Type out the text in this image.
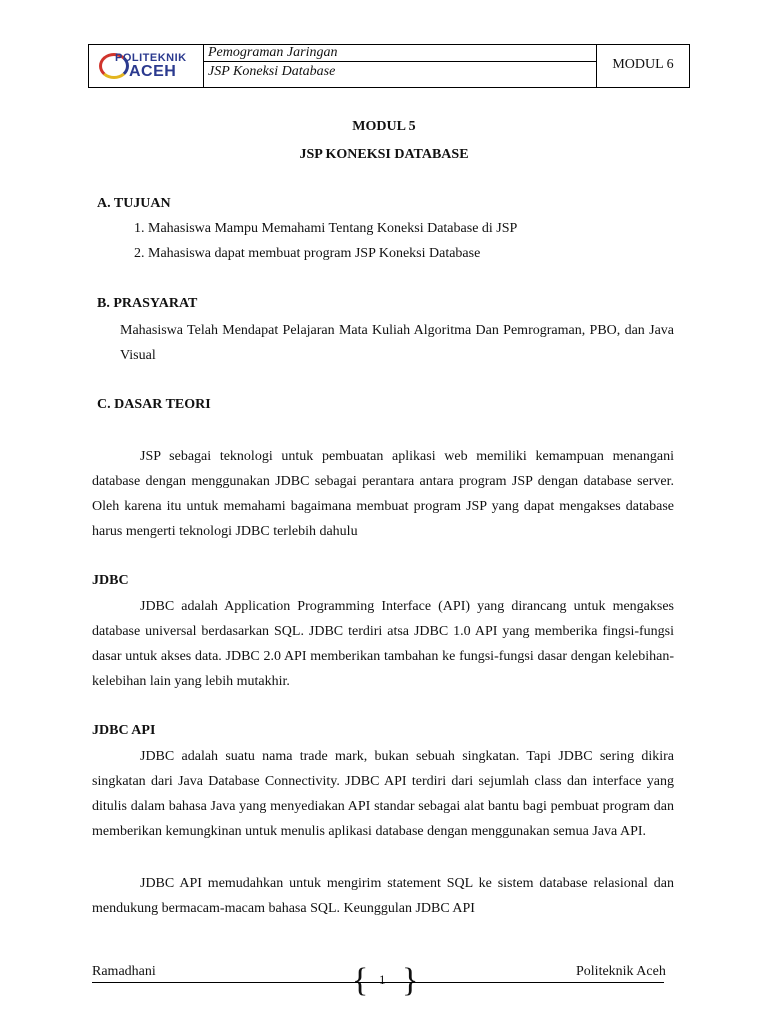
POLITEKNIK
ACEH
Pemograman Jaringan
JSP Koneksi Database	MODUL 6
MODUL 5
JSP KONEKSI DATABASE
A. TUJUAN
1. Mahasiswa Mampu Memahami Tentang Koneksi Database di JSP
2. Mahasiswa dapat membuat program JSP Koneksi Database
B. PRASYARAT
Mahasiswa Telah Mendapat Pelajaran Mata Kuliah Algoritma Dan Pemrograman, PBO, dan Java Visual
C. DASAR TEORI
JSP sebagai teknologi untuk pembuatan aplikasi web memiliki kemampuan menangani database dengan menggunakan JDBC sebagai perantara antara program JSP dengan database server. Oleh karena itu untuk memahami bagaimana membuat program JSP yang dapat mengakses database harus mengerti teknologi JDBC terlebih dahulu
JDBC
JDBC adalah Application Programming Interface (API) yang dirancang untuk mengakses database universal berdasarkan SQL. JDBC terdiri atsa JDBC 1.0 API yang memberika fingsi-fungsi dasar untuk akses data. JDBC 2.0 API memberikan tambahan ke fungsi-fungsi dasar dengan kelebihan-kelebihan lain yang lebih mutakhir.
JDBC API
JDBC adalah suatu nama trade mark, bukan sebuah singkatan. Tapi JDBC sering dikira singkatan dari Java Database Connectivity. JDBC API terdiri dari sejumlah class dan interface yang ditulis dalam bahasa Java yang menyediakan API standar sebagai alat bantu bagi pembuat program dan memberikan kemungkinan untuk menulis aplikasi database dengan menggunakan semua Java API.
JDBC API memudahkan untuk mengirim statement SQL ke sistem database relasional dan mendukung bermacam-macam bahasa SQL. Keunggulan JDBC API
Ramadhani	{ 1 }	Politeknik Aceh
